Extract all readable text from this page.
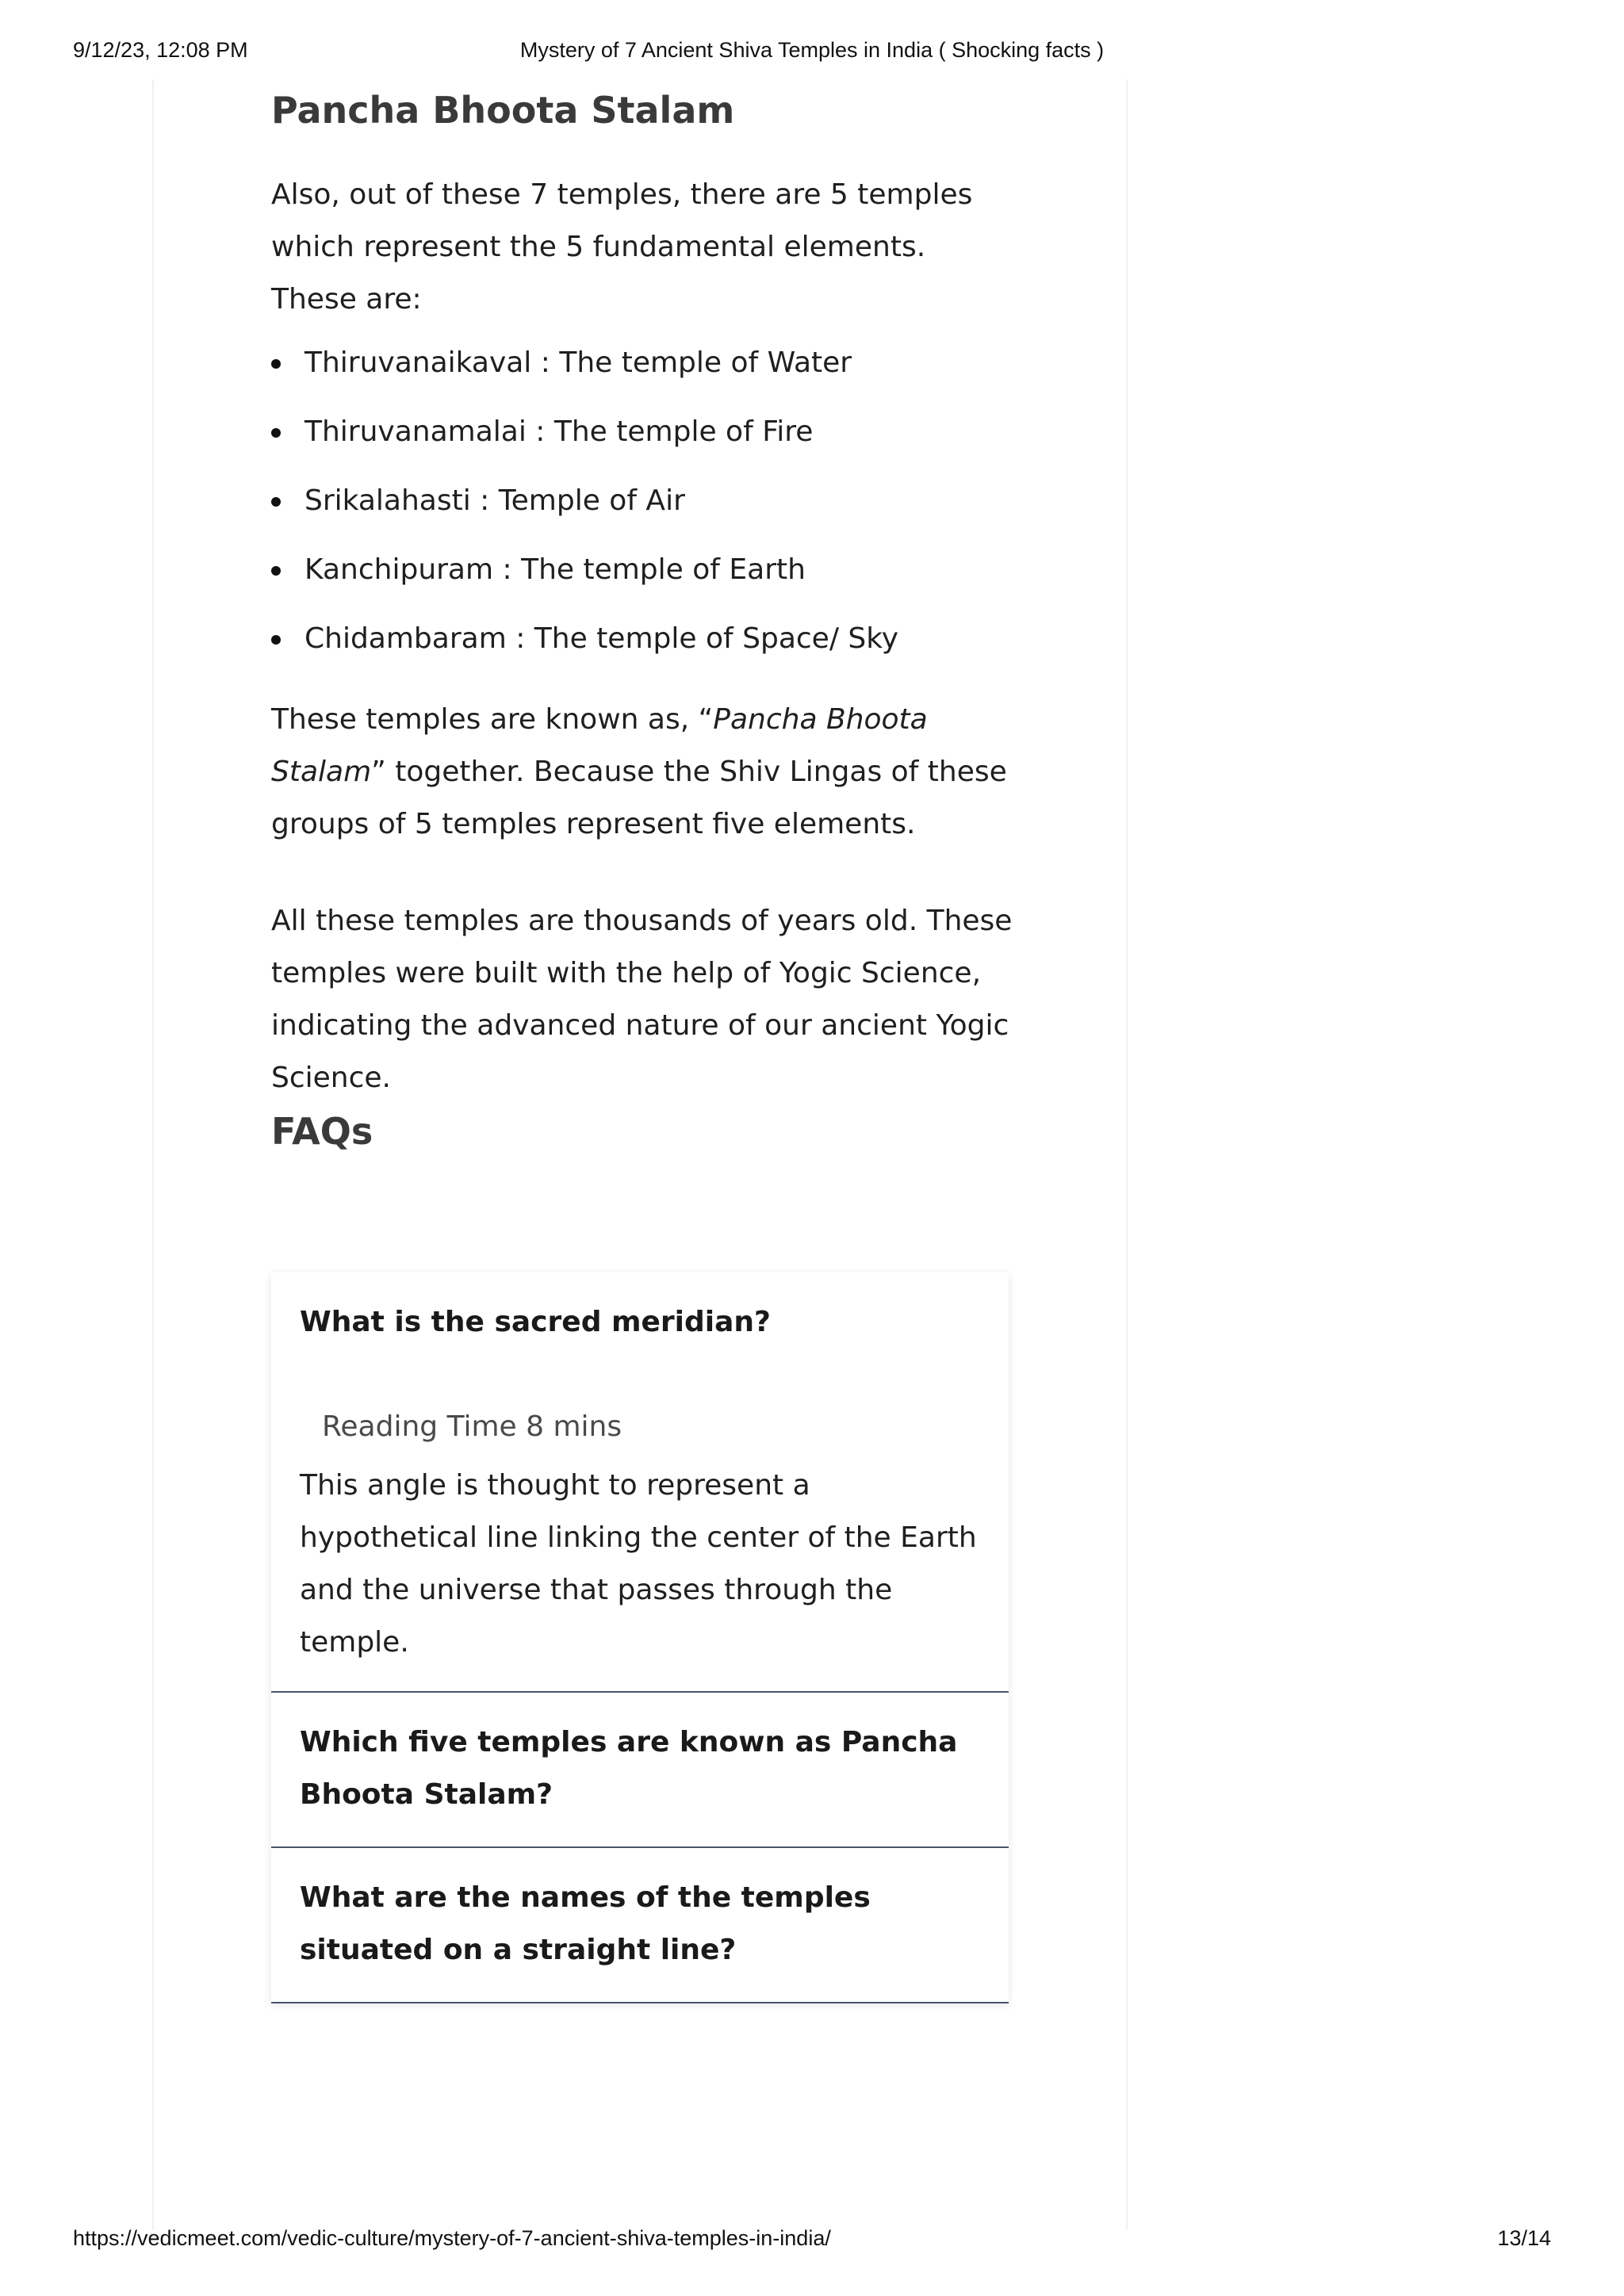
9/12/23, 12:08 PM	Mystery of 7 Ancient Shiva Temples in India ( Shocking facts )
Pancha Bhoota Stalam

Also, out of these 7 temples, there are 5 temples which represent the 5 fundamental elements. These are:

Thiruvanaikaval : The temple of Water
Thiruvanamalai : The temple of Fire
Srikalahasti : Temple of Air
Kanchipuram : The temple of Earth
Chidambaram : The temple of Space/ Sky

These temples are known as, “Pancha Bhoota Stalam” together. Because the Shiv Lingas of these groups of 5 temples represent five elements.

All these temples are thousands of years old. These temples were built with the help of Yogic Science, indicating the advanced nature of our ancient Yogic Science.

FAQs
What is the sacred meridian?
Reading Time 8 mins
This angle is thought to represent a hypothetical line linking the center of the Earth and the universe that passes through the temple.
Which five temples are known as Pancha Bhoota Stalam?
What are the names of the temples situated on a straight line?
https://vedicmeet.com/vedic-culture/mystery-of-7-ancient-shiva-temples-in-india/	13/14
